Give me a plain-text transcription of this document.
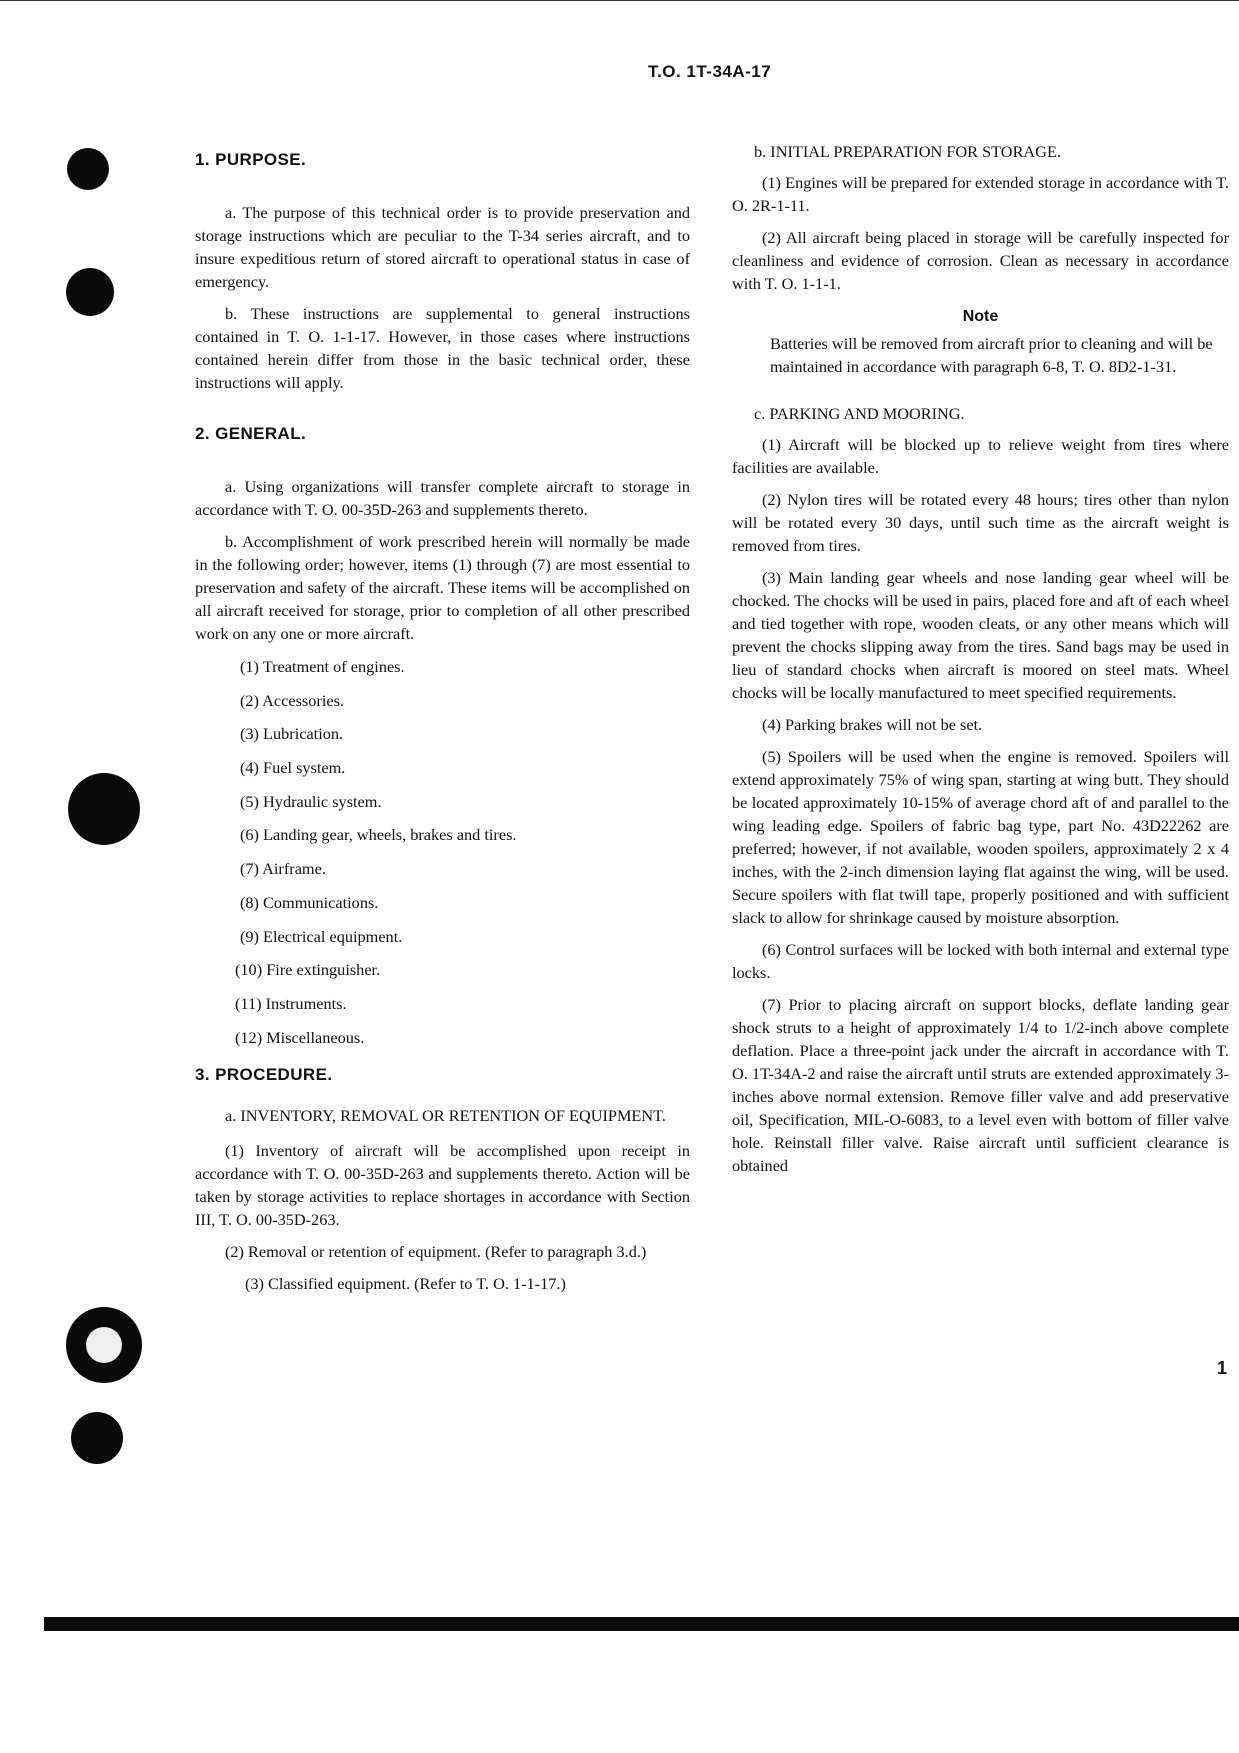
T.O. 1T-34A-17
1. PURPOSE.

a. The purpose of this technical order is to provide preservation and storage instructions which are peculiar to the T-34 series aircraft, and to insure expeditious return of stored aircraft to operational status in case of emergency.

b. These instructions are supplemental to general instructions contained in T. O. 1-1-17. However, in those cases where instructions contained herein differ from those in the basic technical order, these instructions will apply.

2. GENERAL.

a. Using organizations will transfer complete aircraft to storage in accordance with T. O. 00-35D-263 and supplements thereto.

b. Accomplishment of work prescribed herein will normally be made in the following order; however, items (1) through (7) are most essential to preservation and safety of the aircraft. These items will be accomplished on all aircraft received for storage, prior to completion of all other prescribed work on any one or more aircraft.

(1) Treatment of engines.
(2) Accessories.
(3) Lubrication.
(4) Fuel system.
(5) Hydraulic system.
(6) Landing gear, wheels, brakes and tires.
(7) Airframe.
(8) Communications.
(9) Electrical equipment.
(10) Fire extinguisher.
(11) Instruments.
(12) Miscellaneous.
3. PROCEDURE.
a. INVENTORY, REMOVAL OR RETENTION OF EQUIPMENT.

(1) Inventory of aircraft will be accomplished upon receipt in accordance with T. O. 00-35D-263 and supplements thereto. Action will be taken by storage activities to replace shortages in accordance with Section III, T. O. 00-35D-263.

(2) Removal or retention of equipment. (Refer to paragraph 3.d.)

(3) Classified equipment. (Refer to T. O. 1-1-17.)

b. INITIAL PREPARATION FOR STORAGE.

(1) Engines will be prepared for extended storage in accordance with T. O. 2R-1-11.

(2) All aircraft being placed in storage will be carefully inspected for cleanliness and evidence of corrosion. Clean as necessary in accordance with T. O. 1-1-1.

Note
Batteries will be removed from aircraft prior to cleaning and will be maintained in accordance with paragraph 6-8, T. O. 8D2-1-31.
c. PARKING AND MOORING.

(1) Aircraft will be blocked up to relieve weight from tires where facilities are available.

(2) Nylon tires will be rotated every 48 hours; tires other than nylon will be rotated every 30 days, until such time as the aircraft weight is removed from tires.

(3) Main landing gear wheels and nose landing gear wheel will be chocked. The chocks will be used in pairs, placed fore and aft of each wheel and tied together with rope, wooden cleats, or any other means which will prevent the chocks slipping away from the tires. Sand bags may be used in lieu of standard chocks when aircraft is moored on steel mats. Wheel chocks will be locally manufactured to meet specified requirements.

(4) Parking brakes will not be set.

(5) Spoilers will be used when the engine is removed. Spoilers will extend approximately 75% of wing span, starting at wing butt. They should be located approximately 10-15% of average chord aft of and parallel to the wing leading edge. Spoilers of fabric bag type, part No. 43D22262 are preferred; however, if not available, wooden spoilers, approximately 2 x 4 inches, with the 2-inch dimension laying flat against the wing, will be used. Secure spoilers with flat twill tape, properly positioned and with sufficient slack to allow for shrinkage caused by moisture absorption.

(6) Control surfaces will be locked with both internal and external type locks.

(7) Prior to placing aircraft on support blocks, deflate landing gear shock struts to a height of approximately 1/4 to 1/2-inch above complete deflation. Place a three-point jack under the aircraft in accordance with T. O. 1T-34A-2 and raise the aircraft until struts are extended approximately 3-inches above normal extension. Remove filler valve and add preservative oil, Specification, MIL-O-6083, to a level even with bottom of filler valve hole. Reinstall filler valve. Raise aircraft until sufficient clearance is obtained

1
